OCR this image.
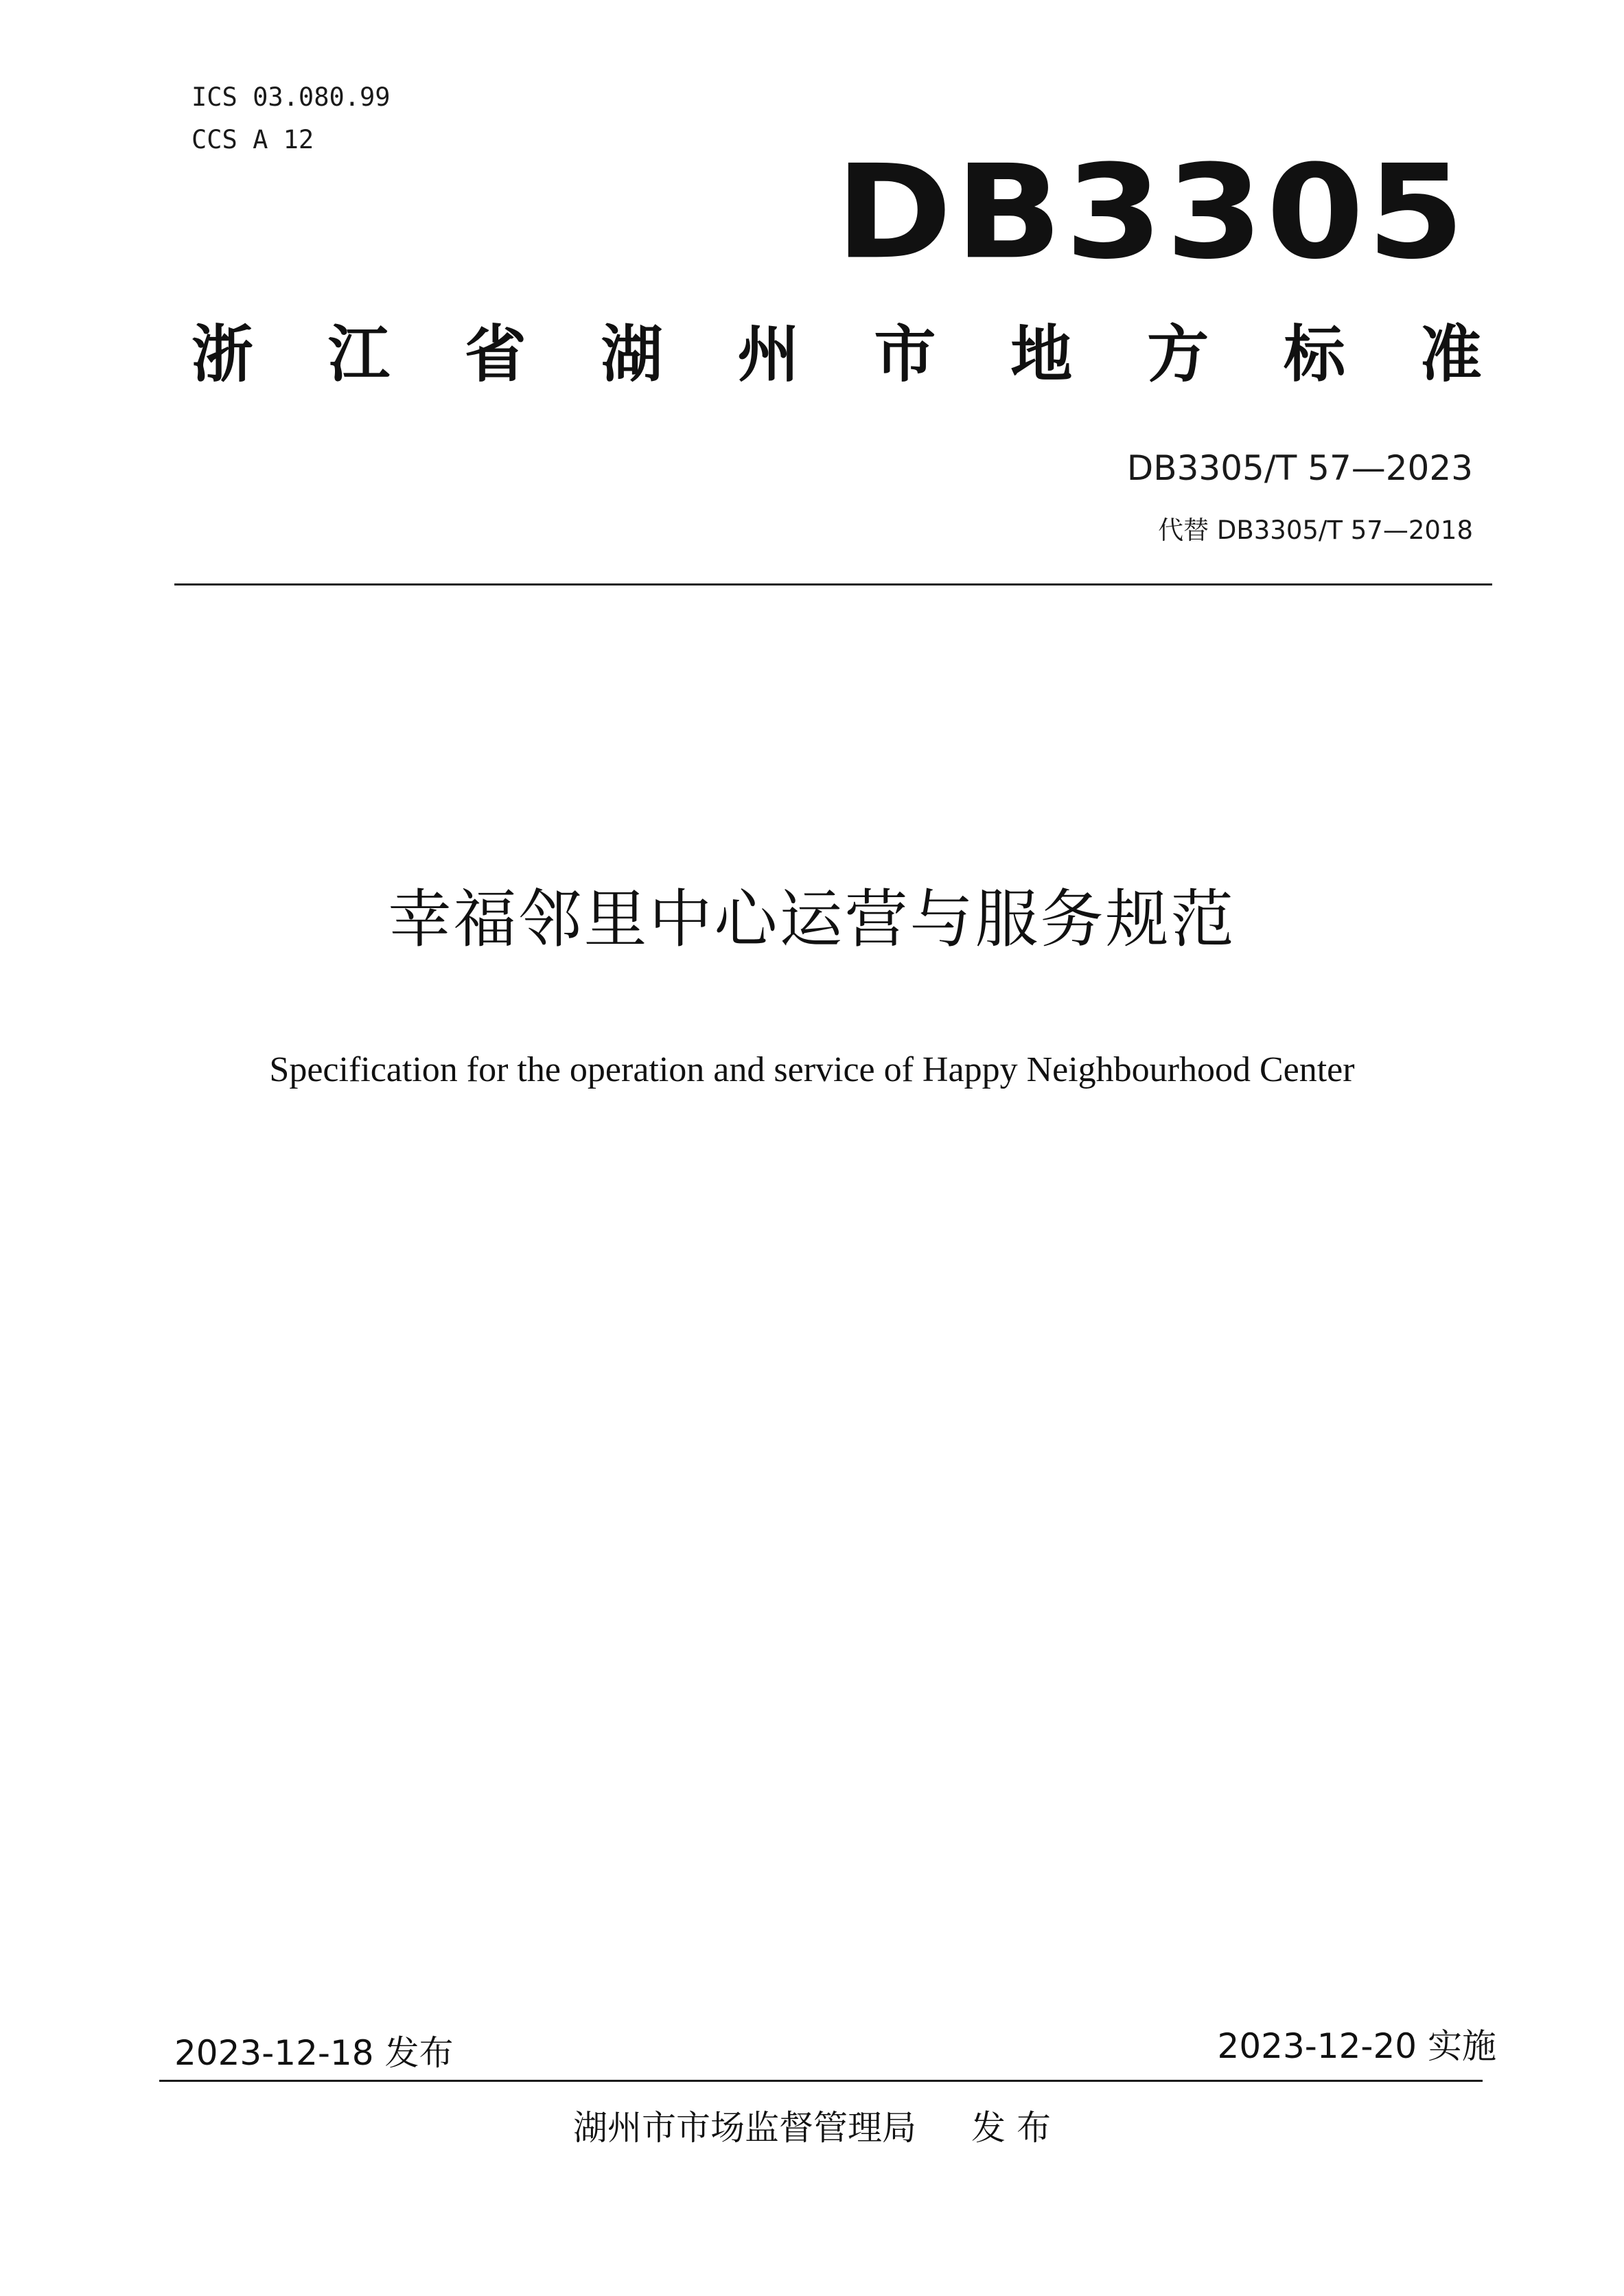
ICS 03.080.99
CCS A 12	DB3305
浙 江 省 湖 州 市 地 方 标 准
DB3305/T 57—2023
代替 DB3305/T 57—2018
幸福邻里中心运营与服务规范
Specification for the operation and service of Happy Neighbourhood Center
2023-12-18 发布	2023-12-20 实施
湖州市市场监督管理局 发 布
